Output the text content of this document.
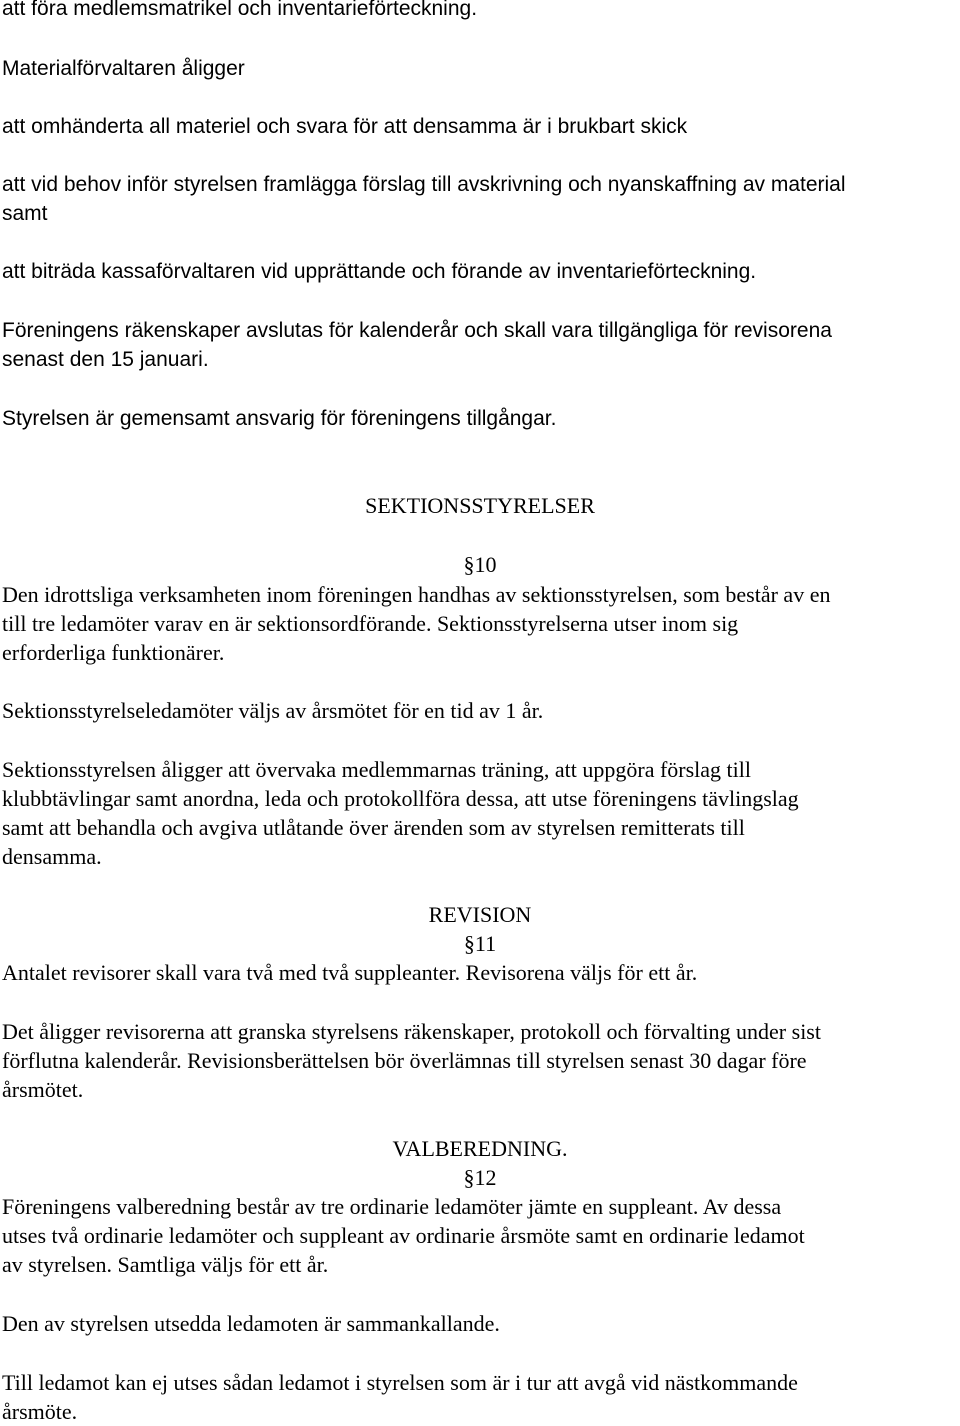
att föra medlemsmatrikel och inventarieförteckning.
Materialförvaltaren åligger
att omhänderta all materiel och svara för att densamma är i brukbart skick
att vid behov inför styrelsen framlägga förslag till avskrivning och nyanskaffning av material
samt
att biträda kassaförvaltaren vid upprättande och förande av inventarieförteckning.
Föreningens räkenskaper avslutas för kalenderår och skall vara tillgängliga för revisorena
senast den 15 januari.
Styrelsen är gemensamt ansvarig för föreningens tillgångar.
SEKTIONSSTYRELSER
§10
Den idrottsliga verksamheten inom föreningen handhas av sektionsstyrelsen, som består av en
till tre ledamöter varav en är sektionsordförande. Sektionsstyrelserna utser inom sig
erforderliga funktionärer.
Sektionsstyrelseledamöter väljs av årsmötet för en tid av 1 år.
Sektionsstyrelsen åligger att övervaka medlemmarnas träning, att uppgöra förslag till
klubbtävlingar samt anordna, leda och protokollföra dessa, att utse föreningens tävlingslag
samt att behandla och avgiva utlåtande över ärenden som av styrelsen remitterats till
densamma.
REVISION
§11
Antalet revisorer skall vara två med två suppleanter. Revisorena väljs för ett år.
Det åligger revisorerna att granska styrelsens räkenskaper, protokoll och förvalting under sist
förflutna kalenderår. Revisionsberättelsen bör överlämnas till styrelsen senast 30 dagar före
årsmötet.
VALBEREDNING.
§12
Föreningens valberedning består av tre ordinarie ledamöter jämte en suppleant. Av dessa
utses två ordinarie ledamöter och suppleant av ordinarie årsmöte samt en ordinarie ledamot
av styrelsen. Samtliga väljs för ett år.
Den av styrelsen utsedda ledamoten är sammankallande.
Till ledamot kan ej utses sådan ledamot i styrelsen som är i tur att avgå vid nästkommande
årsmöte.
